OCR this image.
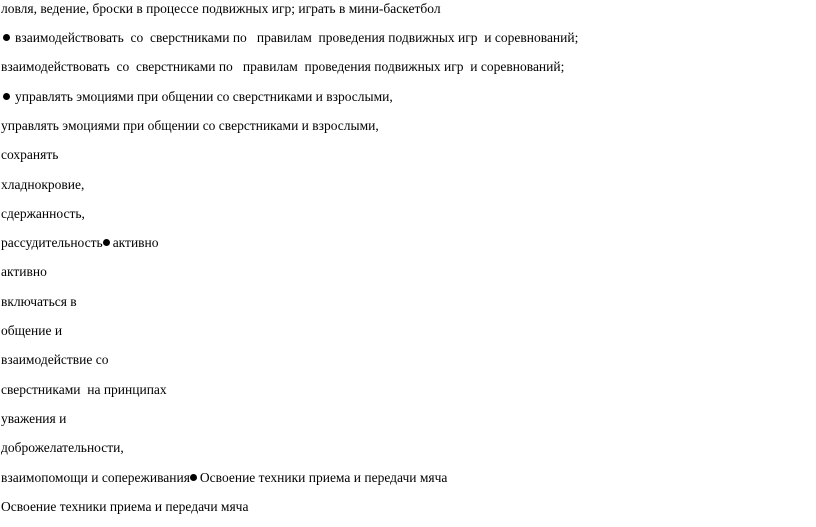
ловля, ведение, броски в процессе подвижных игр; играть в мини-баскетбол
взаимодействовать  со  сверстниками по   правилам  проведения подвижных игр  и соревнований;
взаимодействовать  со  сверстниками по   правилам  проведения подвижных игр  и соревнований;
управлять эмоциями при общении со сверстниками и взрослыми,
управлять эмоциями при общении со сверстниками и взрослыми,
сохранять
хладнокровие,
сдержанность,
рассудительность активно
активно
включаться в
общение и
взаимодействие со
сверстниками  на принципах
уважения и
доброжелательности,
взаимопомощи и сопереживания Освоение техники приема и передачи мяча
Освоение техники приема и передачи мяча
